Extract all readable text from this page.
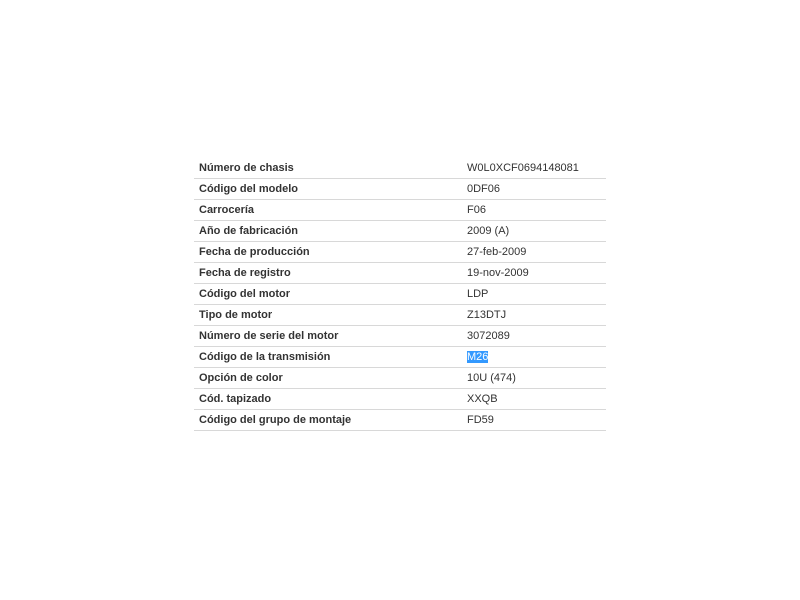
Número de chasis	W0L0XCF0694148081
Código del modelo	0DF06
Carrocería	F06
Año de fabricación	2009 (A)
Fecha de producción	27-feb-2009
Fecha de registro	19-nov-2009
Código del motor	LDP
Tipo de motor	Z13DTJ
Número de serie del motor	3072089
Código de la transmisión	M26
Opción de color	10U (474)
Cód. tapizado	XXQB
Código del grupo de montaje	FD59
